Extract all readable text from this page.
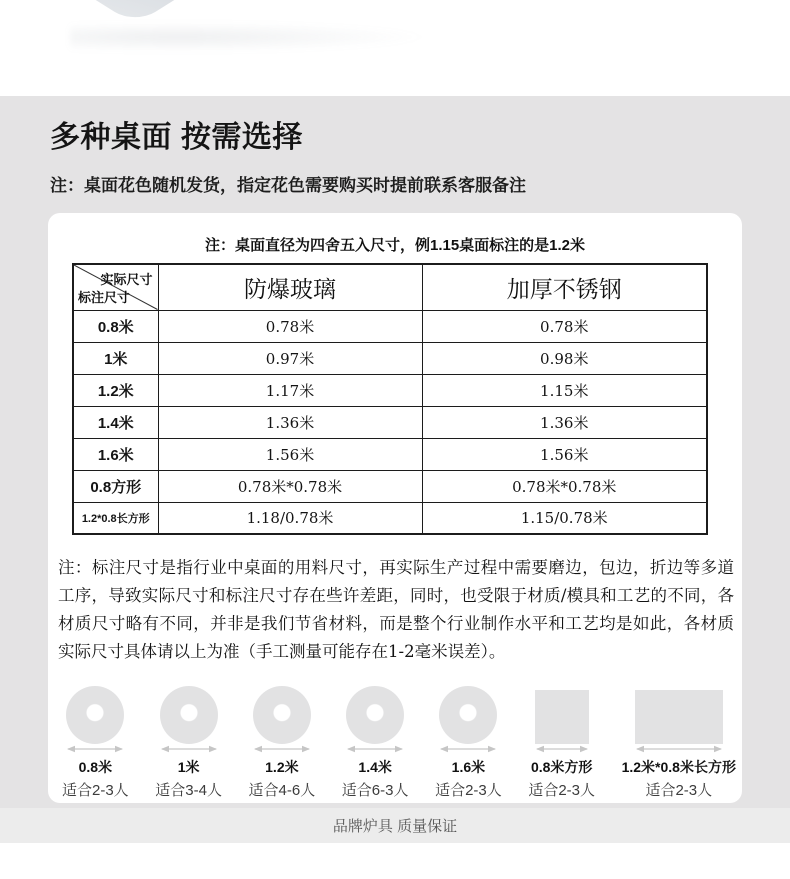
多种桌面 按需选择
注：桌面花色随机发货，指定花色需要购买时提前联系客服备注
注：桌面直径为四舍五入尺寸，例1.15桌面标注的是1.2米
实际尺寸
标注尺寸	防爆玻璃	加厚不锈钢
0.8米	0.78米	0.78米
1米	0.97米	0.98米
1.2米	1.17米	1.15米
1.4米	1.36米	1.36米
1.6米	1.56米	1.56米
0.8方形	0.78米*0.78米	0.78米*0.78米
1.2*0.8长方形	1.18/0.78米	1.15/0.78米

注：标注尺寸是指行业中桌面的用料尺寸，再实际生产过程中需要磨边，包边，折边等多道工序，导致实际尺寸和标注尺寸存在些许差距，同时，也受限于材质/模具和工艺的不同，各材质尺寸略有不同，并非是我们节省材料，而是整个行业制作水平和工艺均是如此，各材质实际尺寸具体请以上为准（手工测量可能存在1-2毫米误差）。

0.8米
适合2-3人
1米
适合3-4人
1.2米
适合4-6人
1.4米
适合6-3人
1.6米
适合2-3人
0.8米方形
适合2-3人
1.2米*0.8米长方形
适合2-3人
品牌炉具 质量保证
